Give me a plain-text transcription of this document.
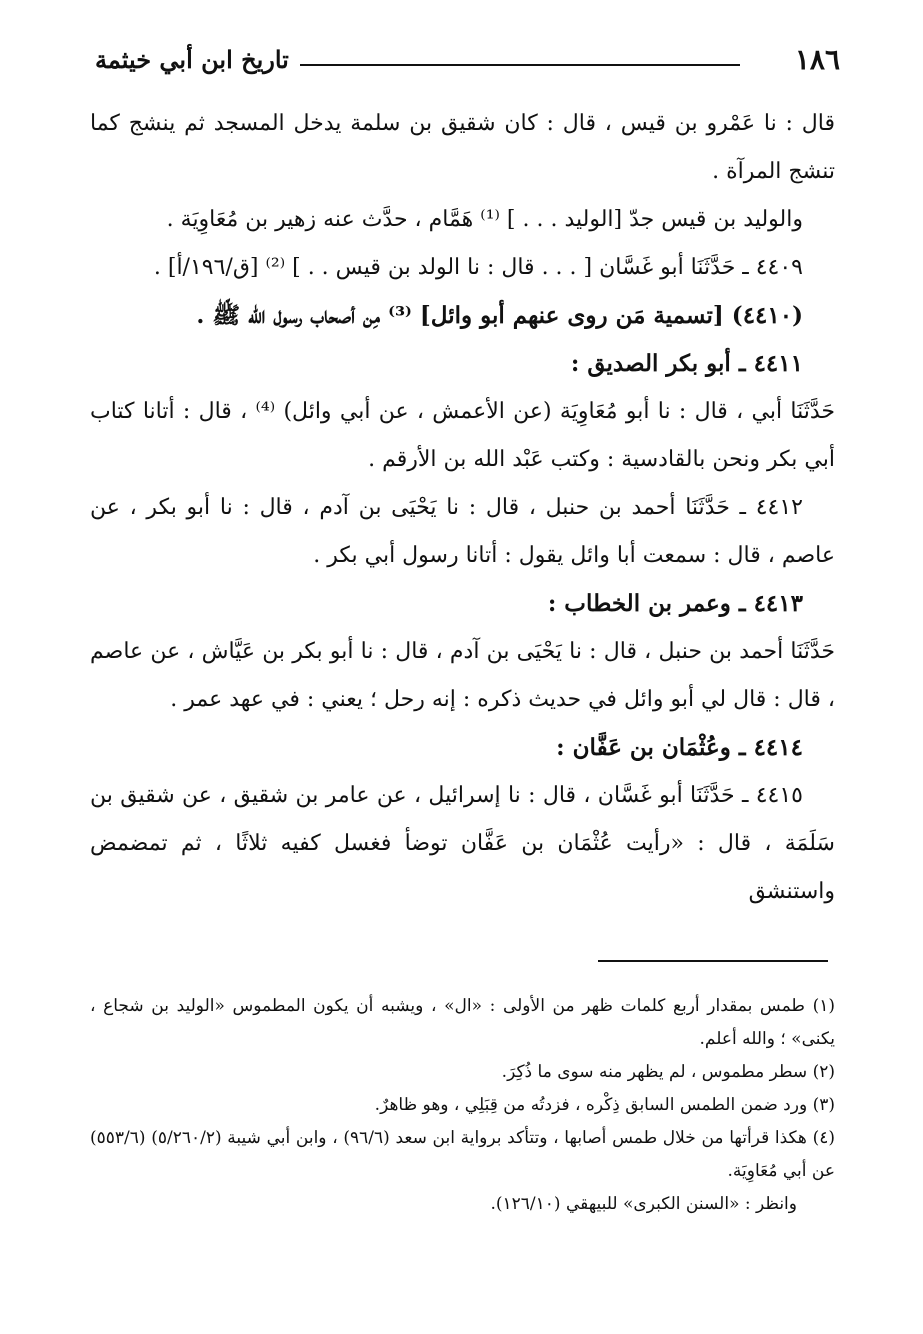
١٨٦
تاريخ ابن أبي خيثمة

قال : نا عَمْرو بن قيس ، قال : كان شقيق بن سلمة يدخل المسجد ثم ينشج كما تنشج المرآة .

والوليد بن قيس جدّ [الوليد . . . ] ⁽¹⁾ هَمَّام ، حدَّث عنه زهير بن مُعَاوِيَة .

٤٤٠٩ ـ حَدَّثَنَا أبو غَسَّان [ . . . قال : نا الولد بن قيس . . ] ⁽²⁾ [ق/١٩٦/أ] .

(٤٤١٠) [تسمية مَن روى عنهم أبو وائل] ⁽³⁾ مِن أصحاب رسول الله ﷺ .

٤٤١١ ـ أبو بكر الصديق :

حَدَّثَنَا أبي ، قال : نا أبو مُعَاوِيَة (عن الأعمش ، عن أبي وائل) ⁽⁴⁾ ، قال : أتانا كتاب أبي بكر ونحن بالقادسية : وكتب عَبْد الله بن الأرقم .

٤٤١٢ ـ حَدَّثَنَا أحمد بن حنبل ، قال : نا يَحْيَى بن آدم ، قال : نا أبو بكر ، عن عاصم ، قال : سمعت أبا وائل يقول : أتانا رسول أبي بكر .

٤٤١٣ ـ وعمر بن الخطاب :

حَدَّثَنَا أحمد بن حنبل ، قال : نا يَحْيَى بن آدم ، قال : نا أبو بكر بن عَيَّاش ، عن عاصم ، قال : قال لي أبو وائل في حديث ذكره : إنه رحل ؛ يعني : في عهد عمر .

٤٤١٤ ـ وعُثْمَان بن عَفَّان :

٤٤١٥ ـ حَدَّثَنَا أبو غَسَّان ، قال : نا إسرائيل ، عن عامر بن شقيق ، عن شقيق بن سَلَمَة ، قال : «رأيت عُثْمَان بن عَفَّان توضأ فغسل كفيه ثلاثًا ، ثم تمضمض واستنشق

(١) طمس بمقدار أربع كلمات ظهر من الأولى : «ال» ، ويشبه أن يكون المطموس «الوليد بن شجاع ، يكنى» ؛ والله أعلم.

(٢) سطر مطموس ، لم يظهر منه سوى ما ذُكِرَ.

(٣) ورد ضمن الطمس السابق ذِكْره ، فزدتُه من قِبَلِي ، وهو ظاهرٌ.

(٤) هكذا قرأتها من خلال طمس أصابها ، وتتأكد برواية ابن سعد (٩٦/٦) ، وابن أبي شيبة (٥/٢٦٠/٢) (٥٥٣/٦) عن أبي مُعَاوِيَة.

وانظر : «السنن الكبرى» للبيهقي (١٢٦/١٠).
